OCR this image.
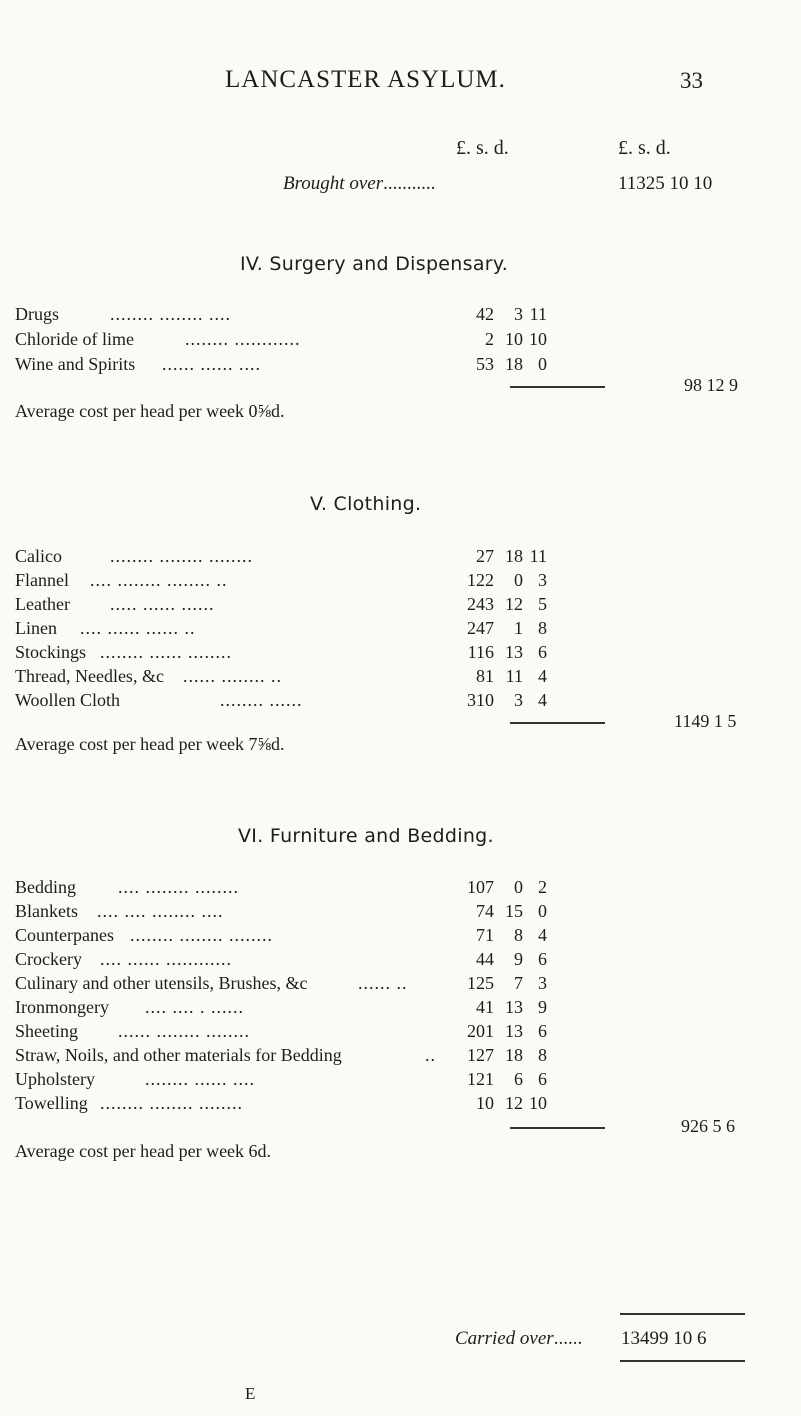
LANCASTER ASYLUM.	33
£. s. d.	£. s. d.
Brought over...........	11325 10 10
IV. Surgery and Dispensary.
Drugs	........ ........ ....	42 3 11
Chloride of lime	........ ............	2 10 10
Wine and Spirits ...... ...... ....	53 18 0
98 12 9
Average cost per head per week 0⅝d.
V. Clothing.
Calico	........ ........ ........	27 18 11
Flannel .... ........ ........ ..	122 0 3
Leather ..... ...... ......	243 12 5
Linen .... ...... ...... ..	247 1 8
Stockings ........ ...... ........	116 13 6
Thread, Needles, &c ...... ........ ..	81 11 4
Woollen Cloth	........ ......	310 3 4
1149 1 5
Average cost per head per week 7⅝d.
VI. Furniture and Bedding.
Bedding .... ........ ........	107 0 2
Blankets .... .... ........ ....	74 15 0
Counterpanes ........ ........ ........	71 8 4
Crockery .... ...... ............	44 9 6
Culinary and other utensils, Brushes, &c	...... ..	125 7 3
Ironmongery .... .... . ......	41 13 9
Sheeting ...... ........ ........	201 13 6
Straw, Noils, and other materials for Bedding	..	127 18 8
Upholstery	........ ...... ....	121 6 6
Towelling ........ ........ ........	10 12 10
926 5 6
Average cost per head per week 6d.
Carried over...... 13499 10 6
E
